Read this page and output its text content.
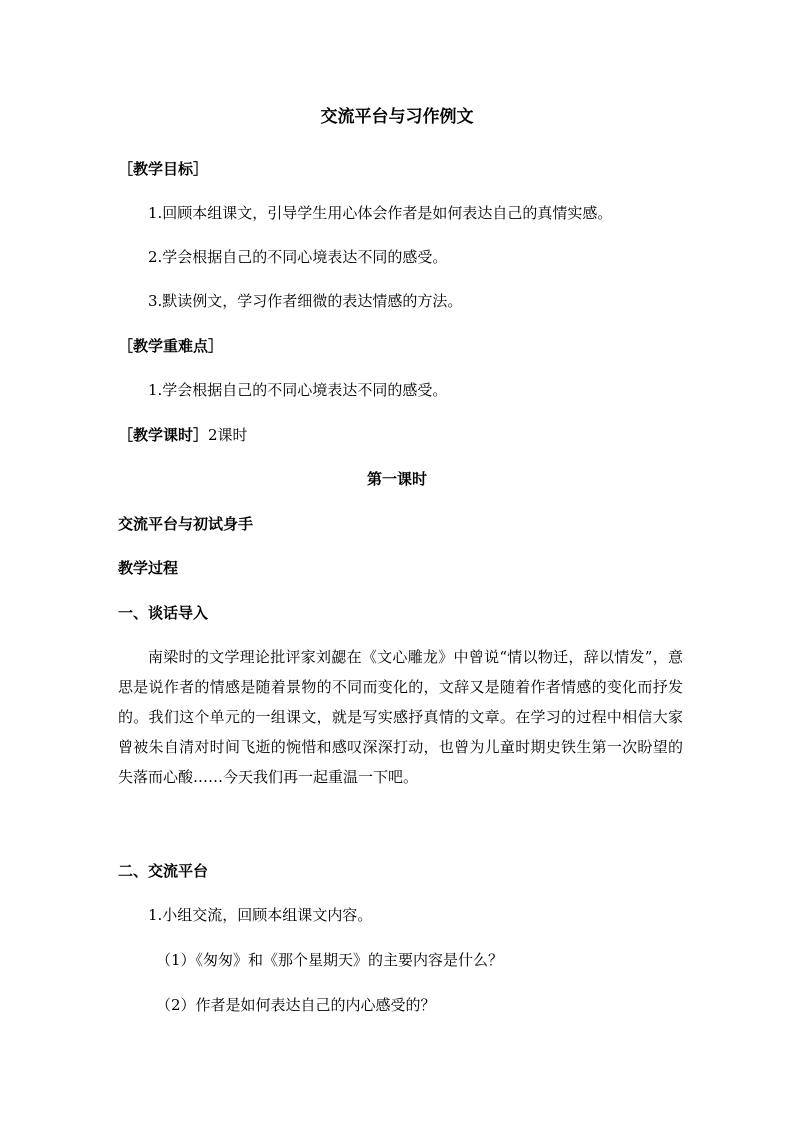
交流平台与习作例文
［教学目标］
1.回顾本组课文，引导学生用心体会作者是如何表达自己的真情实感。
2.学会根据自己的不同心境表达不同的感受。
3.默读例文，学习作者细微的表达情感的方法。
［教学重难点］
1.学会根据自己的不同心境表达不同的感受。
［教学课时］2课时
第一课时
交流平台与初试身手
教学过程
一、谈话导入
南梁时的文学理论批评家刘勰在《文心雕龙》中曾说“情以物迁，辞以情发”，意思是说作者的情感是随着景物的不同而变化的，文辞又是随着作者情感的变化而抒发的。我们这个单元的一组课文，就是写实感抒真情的文章。在学习的过程中相信大家曾被朱自清对时间飞逝的惋惜和感叹深深打动，也曾为儿童时期史铁生第一次盼望的失落而心酸……今天我们再一起重温一下吧。
二、交流平台
1.小组交流，回顾本组课文内容。
（1）《匆匆》和《那个星期天》的主要内容是什么？
（2）作者是如何表达自己的内心感受的？
